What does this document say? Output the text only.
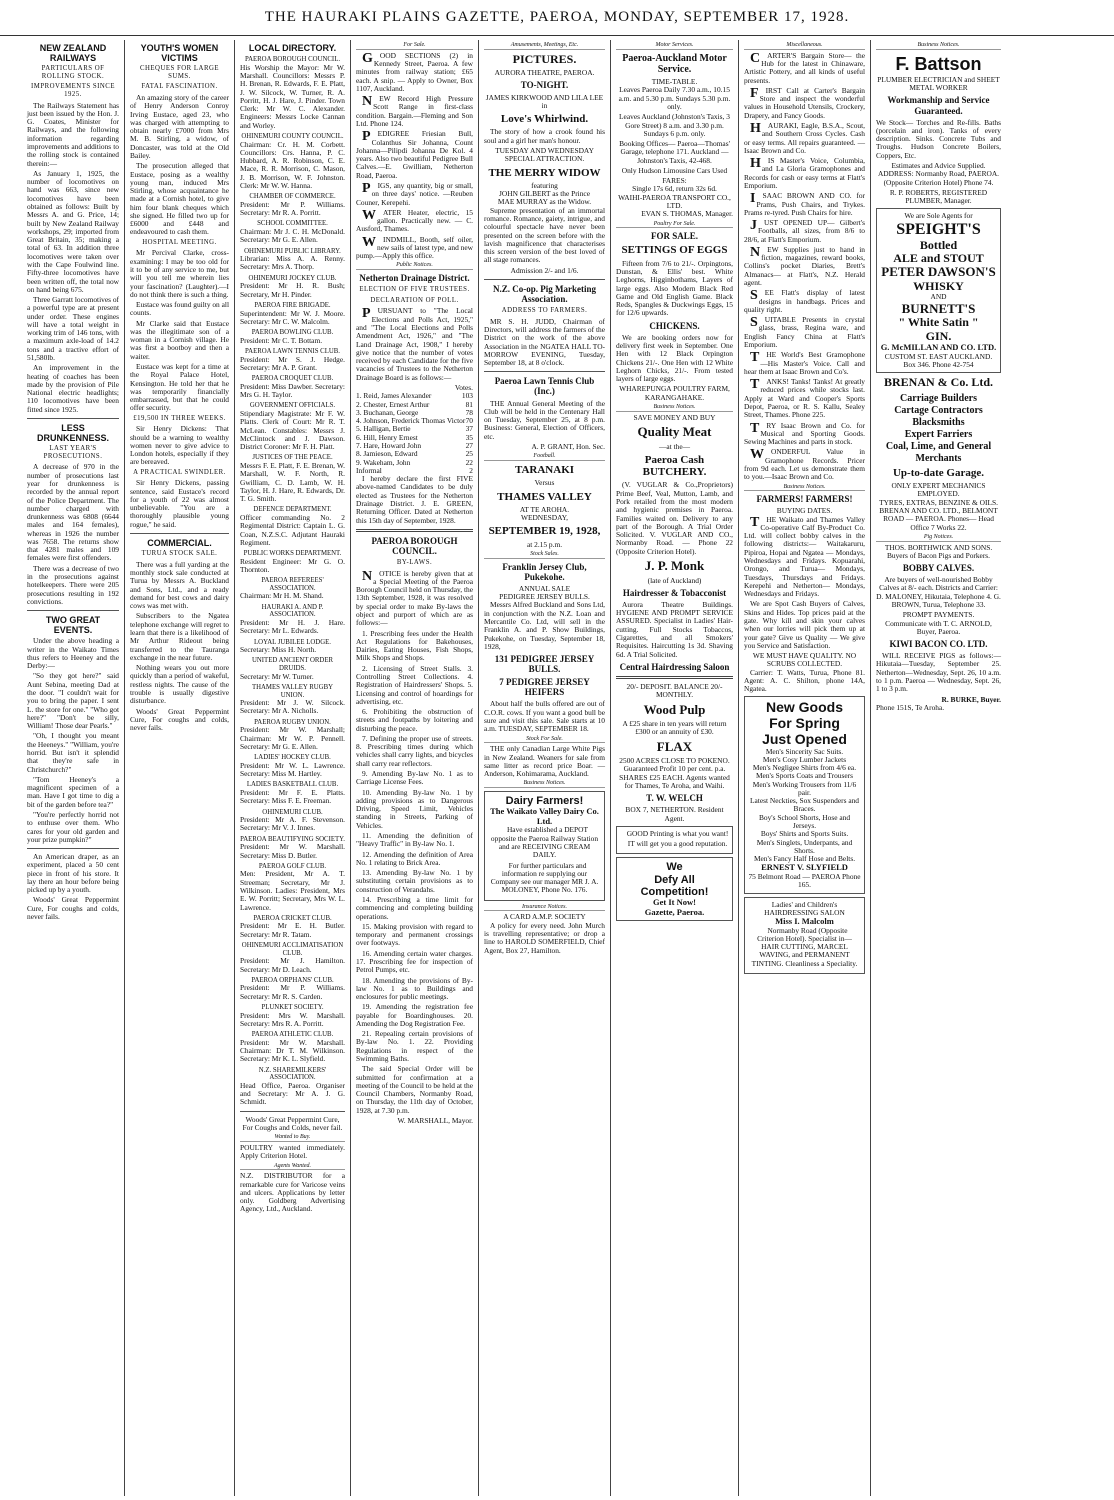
THE HAURAKI PLAINS GAZETTE, PAEROA, MONDAY, SEPTEMBER 17, 1928.
NEW ZEALAND RAILWAYS
PARTICULARS OF ROLLING STOCK.
IMPROVEMENTS SINCE 1925.

The Railways Statement has just been issued by the Hon. J. G. Coates, Minister for Railways, and the following information regarding improvements and additions to the rolling stock is contained therein:—

As January 1, 1925, the number of locomotives on hand was 663, since new locomotives have been obtained as follows: Built by Messrs A. and G. Price, 14; built by New Zealand Railway workshops, 29; imported from Great Britain, 35; making a total of 63. In addition three locomotives were taken over with the Cape Foulwind line. Fifty-three locomotives have been written off, the total now on hand being 675.

Three Garratt locomotives of a powerful type are at present under order. These engines will have a total weight in working trim of 146 tons, with a maximum axle-load of 14.2 tons and a tractive effort of 51,580lb.

An improvement in the heating of coaches has been made by the provision of Pile National electric headlights; 110 locomotives have been fitted since 1925.

LESS DRUNKENNESS.
LAST YEAR'S PROSECUTIONS.

A decrease of 970 in the number of prosecutions last year for drunkenness is recorded by the annual report of the Police Department. The number charged with drunkenness was 6808 (6644 males and 164 females), whereas in 1926 the number was 7658. The returns show that 4281 males and 109 females were first offenders.

There was a decrease of two in the prosecutions against hotelkeepers. There were 205 prosecutions resulting in 192 convictions.

TWO GREAT EVENTS.

Under the above heading a writer in the Waikato Times thus refers to Heeney and the Derby:—

"So they got here?" said Aunt Sebina, meeting Dad at the door. "I couldn't wait for you to bring the paper. I sent L. the store for one." "Who got here?" "Don't be silly, William! Those dear Pearls."

"Oh, I thought you meant the Heeneys." "William, you're horrid. But isn't it splendid that they're safe in Christchurch?"

"Tom Heeney's a magnificent specimen of a man. Have I got time to dig a bit of the garden before tea?"

"You're perfectly horrid not to enthuse over them. Who cares for your old garden and your prize pumpkin?"

An American draper, as an experiment, placed a 50 cent piece in front of his store. It lay there an hour before being picked up by a youth.

Woods' Great Peppermint Cure, For coughs and colds, never fails.

YOUTH'S WOMEN VICTIMS
CHEQUES FOR LARGE SUMS.
FATAL FASCINATION.

An amazing story of the career of Henry Anderson Conroy Irving Eustace, aged 23, who was charged with attempting to obtain nearly £7000 from Mrs M. B. Stirling, a widow, of Doncaster, was told at the Old Bailey.

The prosecution alleged that Eustace, posing as a wealthy young man, induced Mrs Stirling, whose acquaintance he made at a Cornish hotel, to give him four blank cheques which she signed. He filled two up for £6000 and £448 and endeavoured to cash them.

HOSPITAL MEETING.

Mr Percival Clarke, cross-examining: I may be too old for it to be of any service to me, but will you tell me wherein lies your fascination? (Laughter).—I do not think there is such a thing.

Eustace was found guilty on all counts.

Mr Clarke said that Eustace was the illegitimate son of a woman in a Cornish village. He was first a bootboy and then a waiter.

Eustace was kept for a time at the Royal Palace Hotel, Kensington. He told her that he was temporarily financially embarrassed, but that he could offer security.

£19,500 IN THREE WEEKS.

Sir Henry Dickens: That should be a warning to wealthy women never to give advice to London hotels, especially if they are bereaved.

A PRACTICAL SWINDLER.

Sir Henry Dickens, passing sentence, said Eustace's record for a youth of 22 was almost unbelievable. "You are a thoroughly plausible young rogue," he said.

COMMERCIAL.
TURUA STOCK SALE.

There was a full yarding at the monthly stock sale conducted at Turua by Messrs A. Buckland and Sons, Ltd., and a ready demand for best cows and dairy cows was met with.

Subscribers to the Ngatea telephone exchange will regret to learn that there is a likelihood of Mr Arthur Rideout being transferred to the Tauranga exchange in the near future.

Nothing wears you out more quickly than a period of wakeful, restless nights. The cause of the trouble is usually digestive disturbance.

Woods' Great Peppermint Cure, For coughs and colds, never fails.

LOCAL DIRECTORY.
PAEROA BOROUGH COUNCIL.

His Worship the Mayor: Mr W. Marshall. Councillors: Messrs P. H. Brenan, R. Edwards, F. E. Platt, J. W. Silcock, W. Turner, R. A. Porritt, H. J. Hare, J. Pinder. Town Clerk: Mr W. C. Alexander. Engineers: Messrs Locke Cannan and Worley.

OHINEMURI COUNTY COUNCIL.

Chairman: Cr. H. M. Corbett. Councillors: Crs. Hanna, P. C. Hubbard, A. R. Robinson, C. E. Mace, R. R. Morrison, C. Mason, J. B. Morrison, W. F. Johnston. Clerk: Mr W. W. Hanna.

CHAMBER OF COMMERCE.

President: Mr P. Williams. Secretary: Mr R. A. Porritt.

SCHOOL COMMITTEE.

Chairman: Mr J. C. H. McDonald. Secretary: Mr G. E. Allen.

OHINEMURI PUBLIC LIBRARY.

Librarian: Miss A. A. Renny. Secretary: Mrs A. Thorp.

OHINEMURI JOCKEY CLUB.

President: Mr H. R. Bush; Secretary, Mr H. Pinder.

PAEROA FIRE BRIGADE.

Superintendent: Mr W. J. Moore. Secretary: Mr C. W. Malcolm.

PAEROA BOWLING CLUB.

President: Mr C. T. Bottam.

PAEROA LAWN TENNIS CLUB.

President: Mr S. J. Hedge. Secretary: Mr A. P. Grant.

PAEROA CROQUET CLUB.

President: Miss Dawber. Secretary: Mrs G. H. Taylor.

GOVERNMENT OFFICIALS.

Stipendiary Magistrate: Mr F. W. Platts. Clerk of Court: Mr R. T. McLean. Constables: Messrs J. McClintock and J. Dawson. District Coroner: Mr F. H. Platt.

JUSTICES OF THE PEACE.

Messrs F. E. Platt, F. E. Brenan, W. Marshall, W. F. North, R. Gwilliam, C. D. Lamb, W. H. Taylor, H. J. Hare, R. Edwards, Dr. T. G. Smith.

DEFENCE DEPARTMENT.

Officer commanding No. 2 Regimental District: Captain L. G. Coan, N.Z.S.C. Adjutant Hauraki Regiment.

PUBLIC WORKS DEPARTMENT.

Resident Engineer: Mr G. O. Thornton.

PAEROA REFEREES' ASSOCIATION.

Chairman: Mr H. M. Shand.

HAURAKI A. AND P. ASSOCIATION.

President: Mr H. J. Hare. Secretary: Mr L. Edwards.

LOYAL JUBILEE LODGE.

Secretary: Miss H. North.

UNITED ANCIENT ORDER DRUIDS.

Secretary: Mr W. Turner.

THAMES VALLEY RUGBY UNION.

President: Mr J. W. Silcock. Secretary: Mr A. Nicholls.

PAEROA RUGBY UNION.

President: Mr W. Marshall; Chairman: Mr W. P. Pennell. Secretary: Mr G. E. Allen.

LADIES' HOCKEY CLUB.

President: Mr W. L. Lawrence. Secretary: Miss M. Hartley.

LADIES BASKETBALL CLUB.

President: Mr F. E. Platts. Secretary: Miss F. E. Freeman.

OHINEMURI CLUB.

President: Mr A. F. Stevenson. Secretary: Mr V. J. Innes.

PAEROA BEAUTIFYING SOCIETY.

President: Mr W. Marshall. Secretary: Miss D. Butler.

PAEROA GOLF CLUB.

Men: President, Mr A. T. Streeman; Secretary, Mr J. Wilkinson. Ladies: President, Mrs E. W. Porritt; Secretary, Mrs W. L. Lawrence.

PAEROA CRICKET CLUB.

President: Mr E. H. Butler. Secretary: Mr R. Tatam.

OHINEMURI ACCLIMATISATION CLUB.

President: Mr J. Hamilton. Secretary: Mr D. Leach.

PAEROA ORPHANS' CLUB.

President: Mr P. Williams. Secretary: Mr R. S. Carden.

PLUNKET SOCIETY.

President: Mrs W. Marshall. Secretary: Mrs R. A. Porritt.

PAEROA ATHLETIC CLUB.

President: Mr W. Marshall. Chairman: Dr T. M. Wilkinson. Secretary: Mr K. L. Slyfield.

N.Z. SHAREMILKERS' ASSOCIATION.

Head Office, Paeroa. Organiser and Secretary: Mr A. J. G. Schmidt.

Woods' Great Peppermint Cure, For Coughs and Colds, never fail.

Wanted to Buy.

POULTRY wanted immediately. Apply Criterion Hotel.

Agents Wanted.

N.Z. DISTRIBUTOR for a remarkable cure for Varicose veins and ulcers. Applications by letter only. Goldberg Advertising Agency, Ltd., Auckland.

For Sale.

GOOD SECTIONS (2) in Kennedy Street, Paeroa. A few minutes from railway station; £65 each. A snip. — Apply to Owner, Box 1107, Auckland.

NEW Record High Pressure Scott Range in first-class condition. Bargain.—Fleming and Son Ltd. Phone 124.

PEDIGREE Friesian Bull, Colanthus Sir Johanna, Count Johanna—Pilipdi Johanna De Kol. 4 years. Also two beautiful Pedigree Bull Calves.—E. Gwilliam, Netherton Road, Paeroa.

PIGS, any quantity, big or small, on three days' notice. —Reuben Couner, Kerepehi.

WATER Heater, electric, 15 gallon. Practically new. — C. Ausford, Thames.

WINDMILL, Booth, self oiler, new sails of latest type, and new pump.—Apply this office.

Public Notices.
Netherton Drainage District.
ELECTION OF FIVE TRUSTEES.
DECLARATION OF POLL.

PURSUANT to "The Local Elections and Polls Act, 1925," and "The Local Elections and Polls Amendment Act, 1926," and "The Land Drainage Act, 1908," I hereby give notice that the number of votes received by each Candidate for the five vacancies of Trustees to the Netherton Drainage Board is as follows:—

Votes.
1. Reid, James Alexander	103
2. Chester, Ernest Arthur	81
3. Buchanan, George	78
4. Johnson, Frederick Thomas Victor 70
5. Halligan, Bertie	37
6. Hill, Henry Ernest	35
7. Hare, Howard John	27
8. Jamieson, Edward	25
9. Wakeham, John	22
Informal	2

I hereby declare the first FIVE above-named Candidates to be duly elected as Trustees for the Netherton Drainage District. J. E. GREEN, Returning Officer. Dated at Netherton this 15th day of September, 1928.

PAEROA BOROUGH COUNCIL.
BY-LAWS.

NOTICE is hereby given that at a Special Meeting of the Paeroa Borough Council held on Thursday, the 13th September, 1928, it was resolved by special order to make By-laws the object and purport of which are as follows:—

1. Prescribing fees under the Health Act Regulations for Bakehouses, Dairies, Eating Houses, Fish Shops, Milk Shops and Shops.

2. Licensing of Street Stalls. 3. Controlling Street Collections. 4. Registration of Hairdressers' Shops. 5. Licensing and control of hoardings for advertising, etc.

6. Prohibiting the obstruction of streets and footpaths by loitering and disturbing the peace.

7. Defining the proper use of streets. 8. Prescribing times during which vehicles shall carry lights, and bicycles shall carry rear reflectors.

9. Amending By-law No. 1 as to Carriage License Fees.

10. Amending By-law No. 1 by adding provisions as to Dangerous Driving, Speed Limit, Vehicles standing in Streets, Parking of Vehicles.

11. Amending the definition of "Heavy Traffic" in By-law No. 1.

12. Amending the definition of Area No. 1 relating to Brick Area.

13. Amending By-law No. 1 by substituting certain provisions as to construction of Verandahs.

14. Prescribing a time limit for commencing and completing building operations.

15. Making provision with regard to temporary and permanent crossings over footways.

16. Amending certain water charges. 17. Prescribing fee for inspection of Petrol Pumps, etc.

18. Amending the provisions of By-law No. 1 as to Buildings and enclosures for public meetings.

19. Amending the registration fee payable for Boardinghouses. 20. Amending the Dog Registration Fee.

21. Repealing certain provisions of By-law No. 1. 22. Providing Regulations in respect of the Swimming Baths.

The said Special Order will be submitted for confirmation at a meeting of the Council to be held at the Council Chambers, Normanby Road, on Thursday, the 11th day of October, 1928, at 7.30 p.m.

W. MARSHALL, Mayor.

Amusements, Meetings, Etc.
PICTURES.
AURORA THEATRE, PAEROA.
TO-NIGHT.
JAMES KIRKWOOD AND LILA LEE in
Love's Whirlwind.

The story of how a crook found his soul and a girl her man's honour.

TUESDAY AND WEDNESDAY
SPECIAL ATTRACTION.
THE MERRY WIDOW
featuring
JOHN GILBERT as the Prince
MAE MURRAY as the Widow.

Supreme presentation of an immortal romance. Romance, gaiety, intrigue, and colourful spectacle have never been presented on the screen before with the lavish magnificence that characterises this screen version of the best loved of all stage romances.

Admission 2/- and 1/6.
N.Z. Co-op. Pig Marketing Association.
ADDRESS TO FARMERS.

MR S. H. JUDD, Chairman of Directors, will address the farmers of the District on the work of the above Association in the NGATEA HALL TO-MORROW EVENING, Tuesday, September 18, at 8 o'clock.

Paeroa Lawn Tennis Club (Inc.)

THE Annual General Meeting of the Club will be held in the Centenary Hall on Tuesday, September 25, at 8 p.m. Business: General, Election of Officers, etc.

A. P. GRANT, Hon. Sec.

Football.
TARANAKI
Versus
THAMES VALLEY
AT TE AROHA.
WEDNESDAY,
SEPTEMBER 19, 1928,
at 2.15 p.m.
Stock Sales.
Franklin Jersey Club, Pukekohe.
ANNUAL SALE
PEDIGREE JERSEY BULLS.

Messrs Alfred Buckland and Sons Ltd, in conjunction with the N.Z. Loan and Mercantile Co. Ltd, will sell in the Franklin A. and P. Show Buildings, Pukekohe, on Tuesday, September 18, 1928,

131 PEDIGREE JERSEY BULLS.
7 PEDIGREE JERSEY HEIFERS

About half the bulls offered are out of C.O.R. cows. If you want a good bull be sure and visit this sale. Sale starts at 10 a.m. TUESDAY, SEPTEMBER 18.

Stock For Sale.

THE only Canadian Large White Pigs in New Zealand. Weaners for sale from same litter as record price Boar. — Anderson, Kohimarama, Auckland.

Business Notices.
Dairy Farmers!
The Waikato Valley Dairy Co. Ltd.

Have established a DEPOT opposite the Paeroa Railway Station and are RECEIVING CREAM DAILY.

For further particulars and information re supplying our Company see our manager MR J. A. MOLONEY, Phone No. 176.

Insurance Notices.
A CARD A.M.P. SOCIETY

A policy for every need. John Murch is travelling representative; or drop a line to HAROLD SOMERFIELD, Chief Agent, Box 27, Hamilton.

Motor Services.
Paeroa-Auckland Motor Service.
TIME-TABLE.

Leaves Paeroa Daily 7.30 a.m., 10.15 a.m. and 5.30 p.m. Sundays 5.30 p.m. only.

Leaves Auckland (Johnston's Taxis, 3 Gore Street) 8 a.m. and 3.30 p.m. Sundays 6 p.m. only.

Booking Offices— Paeroa—Thomas' Garage, telephone 171. Auckland — Johnston's Taxis, 42-468.

Only Hudson Limousine Cars Used

FARES:
Single 17s 6d, return 32s 6d.
WAIHI-PAEROA TRANSPORT CO., LTD.
EVAN S. THOMAS, Manager.
Poultry For Sale.
FOR SALE.
SETTINGS OF EGGS

Fifteen from 7/6 to 21/-. Orpingtons, Dunstan, & Ellis' best. White Leghorns, Higginbothams, Layers of large eggs. Also Modern Black Red Game and Old English Game. Black Reds, Spangles & Duckwings Eggs, 15 for 12/6 upwards.

CHICKENS.

We are booking orders now for delivery first week in September. One Hen with 12 Black Orpington Chickens 21/-. One Hen with 12 White Leghorn Chicks, 21/-. From tested layers of large eggs.

WHAREPUNGA POULTRY FARM, KARANGAHAKE.
Business Notices.
SAVE MONEY AND BUY
Quality Meat
—at the—
Paeroa Cash BUTCHERY.

(V. VUGLAR & Co.,Proprietors) Prime Beef, Veal, Mutton, Lamb, and Pork retailed from the most modern and hygienic premises in Paeroa. Families waited on. Delivery to any part of the Borough. A Trial Order Solicited. V. VUGLAR AND CO., Normanby Road. — Phone 22 (Opposite Criterion Hotel).

J. P. Monk
(late of Auckland)
Hairdresser & Tobacconist

Aurora Theatre Buildings. HYGIENE AND PROMPT SERVICE ASSURED. Specialist in Ladies' Hair-cutting. Full Stocks Tobaccos, Cigarettes, and all Smokers' Requisites. Haircutting 1s 3d. Shaving 6d. A Trial Solicited.

Central Hairdressing Saloon
20/- DEPOSIT. BALANCE 20/- MONTHLY.
Wood Pulp

A £25 share in ten years will return £300 or an annuity of £30.

FLAX

2500 ACRES CLOSE TO POKENO. Guaranteed Profit 10 per cent. p.a. SHARES £25 EACH. Agents wanted for Thames, Te Aroha, and Waihi.

T. W. WELCH
BOX 7, NETHERTON. Resident Agent.

GOOD Printing is what you want!

IT will get you a good reputation.

We
Defy All
Competition!
Get It Now!
Gazette, Paeroa.
Miscellaneous.

CARTER'S Bargain Store— the Hub for the latest in Chinaware, Artistic Pottery, and all kinds of useful presents.

FIRST Call at Carter's Bargain Store and inspect the wonderful values in Household Utensils, Crockery, Drapery, and Fancy Goods.

HAURAKI, Eagle, B.S.A., Scout, and Southern Cross Cycles. Cash or easy terms. All repairs guaranteed. — Isaac Brown and Co.

HIS Master's Voice, Columbia, and La Gloria Gramophones and Records for cash or easy terms at Flatt's Emporium.

ISAAC BROWN AND CO. for Prams, Push Chairs, and Trykes. Prams re-tyred. Push Chairs for hire.

JUST OPENED UP— Gilbert's Footballs, all sizes, from 8/6 to 28/6, at Flatt's Emporium.

NEW Supplies just to hand in fiction, magazines, reward books, Collins's pocket Diaries, Brett's Almanacs— at Flatt's, N.Z. Herald agent.

SEE Flatt's display of latest designs in handbags. Prices and quality right.

SUITABLE Presents in crystal glass, brass, Regina ware, and English Fancy China at Flatt's Emporium.

THE World's Best Gramophone —His Master's Voice. Call and hear them at Isaac Brown and Co's.

TANKS! Tanks! Tanks! At greatly reduced prices while stocks last. Apply at Ward and Cooper's Sports Depot, Paeroa, or R. S. Kallu, Sealey Street, Thames. Phone 225.

TRY Isaac Brown and Co. for Musical and Sporting Goods. Sewing Machines and parts in stock.

WONDERFUL Value in Gramophone Records. Pricer from 9d each. Let us demonstrate them to you.—Isaac Brown and Co.

Business Notices.
FARMERS! FARMERS!
BUYING DATES.

THE Waikato and Thames Valley Co-operative Calf By-Product Co. Ltd. will collect bobby calves in the following districts:— Waitakaruru, Pipiroa, Hopai and Ngatea — Mondays, Wednesdays and Fridays. Kopuarahi, Orongo, and Turua— Mondays, Tuesdays, Thursdays and Fridays. Kerepehi and Netherton— Mondays, Wednesdays and Fridays.

We are Spot Cash Buyers of Calves, Skins and Hides. Top prices paid at the gate. Why kill and skin your calves when our lorries will pick them up at your gate? Give us Quality — We give you Service and Satisfaction.

WE MUST HAVE QUALITY. NO SCRUBS COLLECTED.

Carrier: T. Watts, Turua, Phone 81. Agent: A. C. Shilton, phone 14A, Ngatea.

New Goods
For Spring
Just Opened
Men's Sincerity Sac Suits.
Men's Cosy Lumber Jackets
Men's Negligee Shirts from 4/6 ea.
Men's Sports Coats and Trousers
Men's Working Trousers from 11/6 pair.
Latest Neckties, Sox Suspenders and Braces.
Boy's School Shorts, Hose and Jerseys.
Boys' Shirts and Sports Suits.
Men's Singlets, Underpants, and Shorts.
Men's Fancy Half Hose and Belts.
ERNEST V. SLYFIELD
75 Belmont Road — PAEROA Phone 165.
Ladies' and Children's HAIRDRESSING SALON
Miss I. Malcolm

Normanby Road (Opposite Criterion Hotel). Specialist in— HAIR CUTTING, MARCEL WAVING, and PERMANENT TINTING. Cleanliness a Speciality.

Business Notices.
F. Battson
PLUMBER ELECTRICIAN and SHEET METAL WORKER
Workmanship and Service Guaranteed.

We Stock— Torches and Re-fills. Baths (porcelain and iron). Tanks of every description. Sinks. Concrete Tubs and Troughs. Hudson Concrete Boilers, Coppers, Etc.

Estimates and Advice Supplied.

ADDRESS: Normanby Road, PAEROA. (Opposite Criterion Hotel) Phone 74.

R. P. ROBERTS, REGISTERED PLUMBER, Manager.

We are Sole Agents for
SPEIGHT'S
Bottled
ALE and STOUT
PETER DAWSON'S
WHISKY
AND
BURNETT'S
" White Satin "
GIN.
G. McMILLAN AND CO. LTD.
CUSTOM ST. EAST AUCKLAND.
Box 346. Phone 42-754
BRENAN & Co. Ltd.
Carriage Builders
Cartage Contractors
Blacksmiths
Expert Farriers
Coal, Lime, and General Merchants
Up-to-date Garage.
ONLY EXPERT MECHANICS EMPLOYED.
TYRES, EXTRAS, BENZINE & OILS.

BRENAN AND CO. LTD., BELMONT ROAD — PAEROA. Phones— Head Office 7 Works 22.

Pig Notices.
THOS. BORTHWICK AND SONS.
Buyers of Bacon Pigs and Porkers.
BOBBY CALVES.

Are buyers of well-nourished Bobby Calves at 8/- each. Districts and Carrier: D. MALONEY, Hikutaia, Telephone 4. G. BROWN, Turua, Telephone 33.

PROMPT PAYMENTS.

Communicate with T. C. ARNOLD, Buyer, Paeroa.

KIWI BACON CO. LTD.

WILL RECEIVE PIGS as follows:— Hikutaia—Tuesday, September 25. Netherton—Wednesday, Sept. 26, 10 a.m. to 1 p.m. Paeroa — Wednesday, Sept. 26, 1 to 3 p.m.

R. BURKE, Buyer.
Phone 151S, Te Aroha.
